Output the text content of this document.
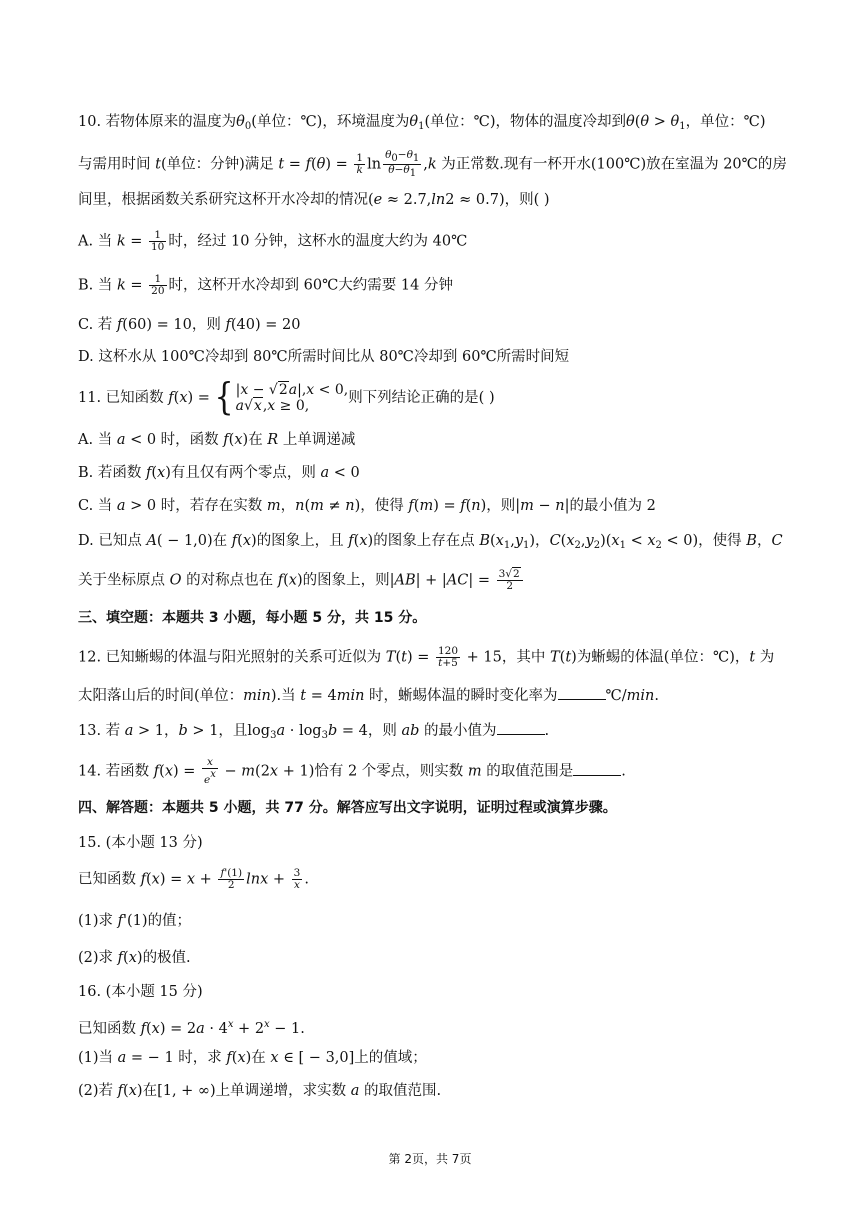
10. 若物体原来的温度为$\theta_0$(单位：℃)，环境温度为$\theta_1$(单位：℃)，物体的温度冷却到$\theta(\theta > \theta_1$，单位：℃)
与需用时间 t(单位：分钟)满足 $t = f(\theta) = \frac{1}{k}$ $\ln \frac{\theta_0-\theta_1}{\theta-\theta_1} ,k$ 为正常数.现有一杯开水(100℃)放在室温为 20℃的房
间里，根据函数关系研究这杯开水冷却的情况(e ≈ 2.7,ln2 ≈ 0.7)，则( )
A. 当 $k = \frac{1}{10}$ 时，经过 10 分钟，这杯水的温度大约为 40℃
B. 当 $k = \frac{1}{20}$ 时，这杯开水冷却到 60℃大约需要 14 分钟
C. 若 f(60) = 10，则 f(40) = 20
D. 这杯水从 100℃冷却到 80℃所需时间比从 80℃冷却到 60℃所需时间短
11. 已知函数 f(x) = { |x − √2a|,x < 0,
a√x,x ≥ 0,	则下列结论正确的是( )
A. 当 a < 0 时，函数 f(x)在 R 上单调递减
B. 若函数 f(x)有且仅有两个零点，则 a < 0
C. 当 a > 0 时，若存在实数 m，n(m ≠ n)，使得 f(m) = f(n)，则|m − n|的最小值为 2
D. 已知点 A( − 1,0)在 f(x)的图象上，且 f(x)的图象上存在点 $B(x_1,y_1)$，$C(x_2,y_2)(x_1 < x_2 < 0)$，使得 B，C
关于坐标原点 O 的对称点也在 f(x)的图象上，则$|AB| + |AC| = \frac{3√2}{2}$
三、填空题：本题共 3 小题，每小题 5 分，共 15 分。
12. 已知蜥蜴的体温与阳光照射的关系可近似为 $T(t) = \frac{120}{t+5} + 15$，其中 T(t)为蜥蜴的体温(单位：℃)，t 为
太阳落山后的时间(单位：min).当 t = 4min 时，蜥蜴体温的瞬时变化率为	℃/min.
13. 若 a > 1，b > 1，且$\log_3a \cdot \log_3b = 4$，则 ab 的最小值为	.
14. 若函数 $f(x) = \frac{x}{e^x} - m(2x + 1)$恰有 2 个零点，则实数 m 的取值范围是	.
四、解答题：本题共 5 小题，共 77 分。解答应写出文字说明，证明过程或演算步骤。
15. (本小题 13 分)
已知函数 $f(x) = x + \frac{f'(1)}{2}$ $\ln x + \frac{3}{x}$ .
(1)求 f'(1)的值；
(2)求 f(x)的极值.
16. (本小题 15 分)
已知函数 $f(x) = 2a \cdot 4^x + 2^x - 1$.
(1)当 a = − 1 时，求 f(x)在 x ∈ [ − 3,0]上的值域；
(2)若 f(x)在[1, + ∞)上单调递增，求实数 a 的取值范围.
第 2页，共 7页
